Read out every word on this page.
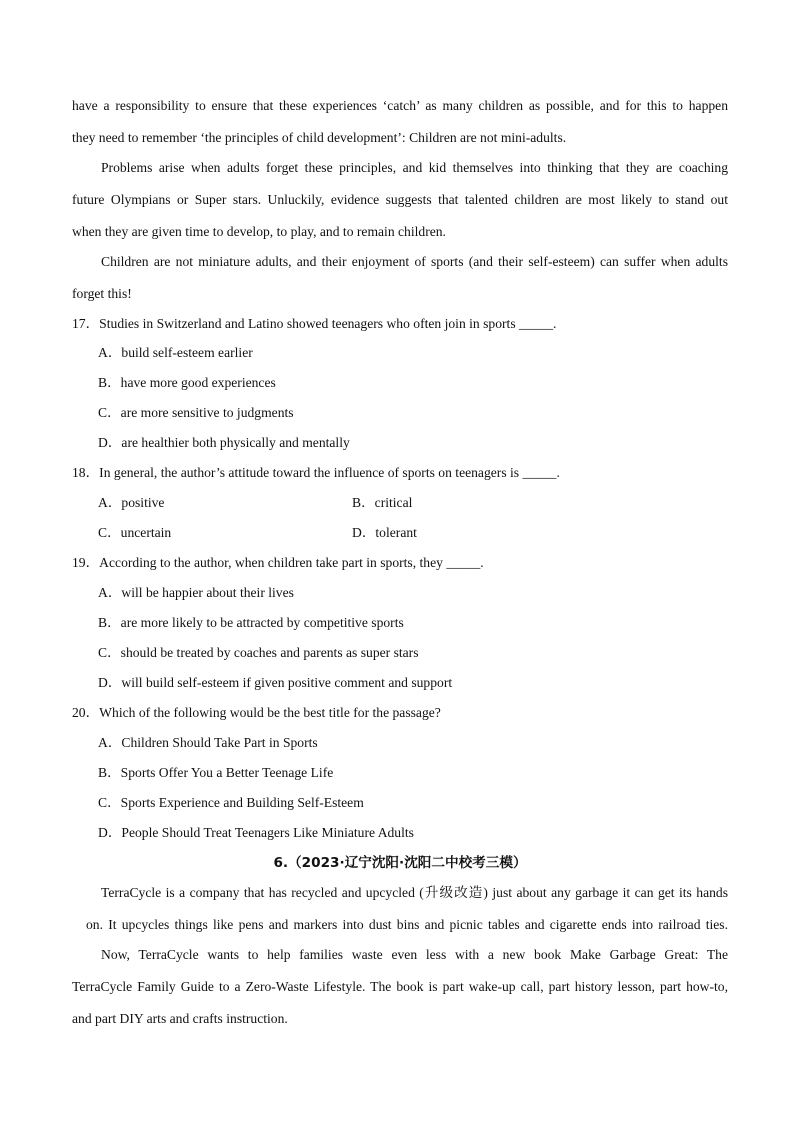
have a responsibility to ensure that these experiences ‘catch’ as many children as possible, and for this to happen
they need to remember ‘the principles of child development’: Children are not mini-adults.
Problems arise when adults forget these principles, and kid themselves into thinking that they are coaching
future Olympians or Super stars. Unluckily, evidence suggests that talented children are most likely to stand out
when they are given time to develop, to play, and to remain children.
Children are not miniature adults, and their enjoyment of sports (and their self-esteem) can suffer when adults
forget this!
17．Studies in Switzerland and Latino showed teenagers who often join in sports _____.
A．build self-esteem earlier
B．have more good experiences
C．are more sensitive to judgments
D．are healthier both physically and mentally
18．In general, the author’s attitude toward the influence of sports on teenagers is _____.
A．positive	B．critical
C．uncertain	D．tolerant
19．According to the author, when children take part in sports, they _____.
A．will be happier about their lives
B．are more likely to be attracted by competitive sports
C．should be treated by coaches and parents as super stars
D．will build self-esteem if given positive comment and support
20．Which of the following would be the best title for the passage?
A．Children Should Take Part in Sports
B．Sports Offer You a Better Teenage Life
C．Sports Experience and Building Self-Esteem
D．People Should Treat Teenagers Like Miniature Adults
6.（2023·辽宁沈阳·沈阳二中校考三模）
TerraCycle is a company that has recycled and upcycled (升级改造) just about any garbage it can get its hands
on. It upcycles things like pens and markers into dust bins and picnic tables and cigarette ends into railroad ties.
Now, TerraCycle wants to help families waste even less with a new book Make Garbage Great: The
TerraCycle Family Guide to a Zero-Waste Lifestyle. The book is part wake-up call, part history lesson, part how-to,
and part DIY arts and crafts instruction.
